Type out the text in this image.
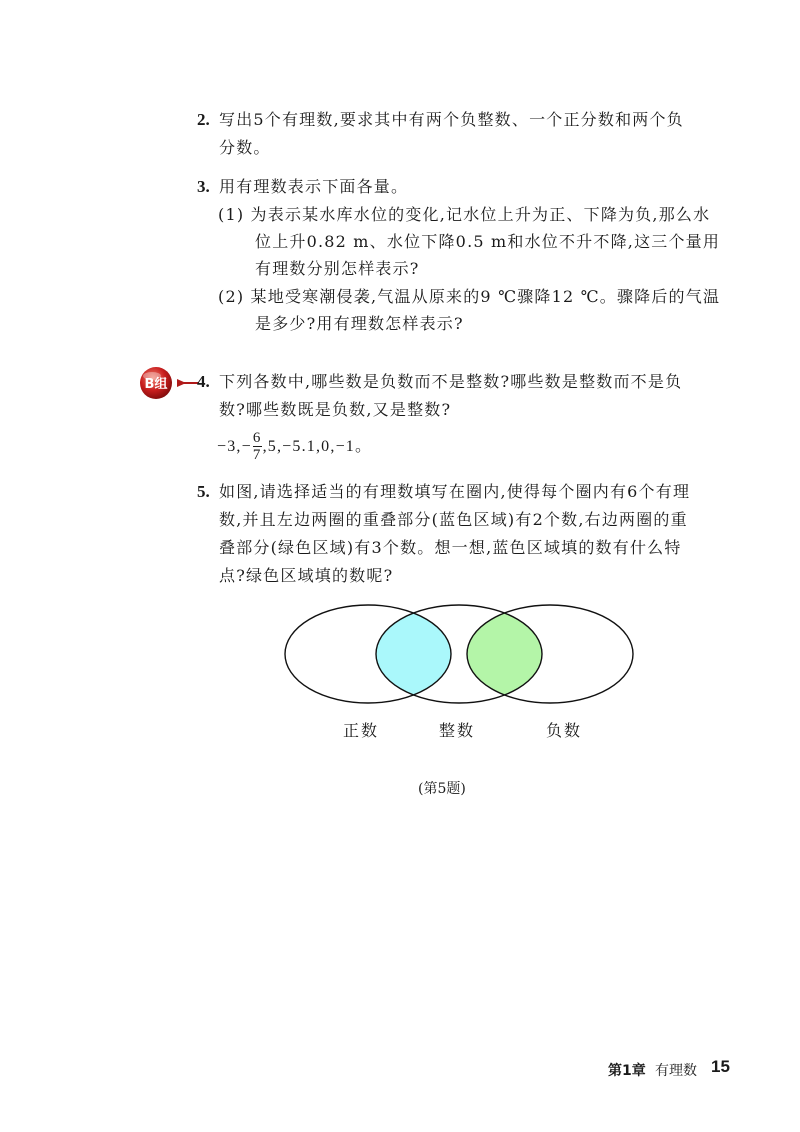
2. 写出5个有理数,要求其中有两个负整数、一个正分数和两个负
分数。
3. 用有理数表示下面各量。
(1) 为表示某水库水位的变化,记水位上升为正、下降为负,那么水
位上升0.82 m、水位下降0.5 m和水位不升不降,这三个量用
有理数分别怎样表示?
(2) 某地受寒潮侵袭,气温从原来的9 ℃骤降12 ℃。骤降后的气温
是多少?用有理数怎样表示?
B组 4. 下列各数中,哪些数是负数而不是整数?哪些数是整数而不是负
数?哪些数既是负数,又是整数?
$-3,- \frac{6}{7} ,5,-5.1,0,-1$。
5. 如图,请选择适当的有理数填写在圈内,使得每个圈内有6个有理
数,并且左边两圈的重叠部分(蓝色区域)有2个数,右边两圈的重
叠部分(绿色区域)有3个数。想一想,蓝色区域填的数有什么特
点?绿色区域填的数呢?
正数	整数	负数
(第5题)
第1章 有理数 15
